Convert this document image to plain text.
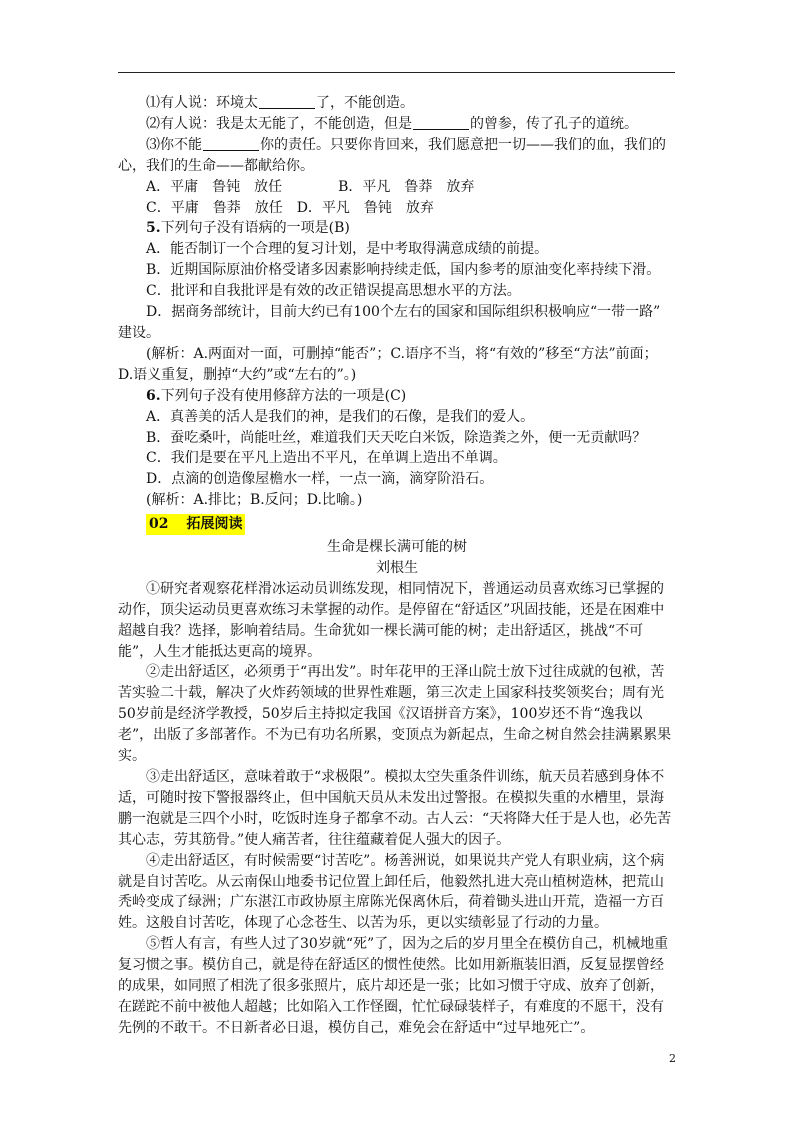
⑴有人说：环境太	了，不能创造。

⑵有人说：我是太无能了，不能创造，但是	的曾参，传了孔子的道统。

⑶你不能	你的责任。只要你肯回来，我们愿意把一切——我们的血，我们的

心，我们的生命——都献给你。

A．平庸　鲁钝　放任　　　　B．平凡　鲁莽　放弃

C．平庸　鲁莽　放任　D．平凡　鲁钝　放弃

5.下列句子没有语病的一项是(B)

A．能否制订一个合理的复习计划，是中考取得满意成绩的前提。

B．近期国际原油价格受诸多因素影响持续走低，国内参考的原油变化率持续下滑。

C．批评和自我批评是有效的改正错误提高思想水平的方法。

D．据商务部统计，目前大约已有100个左右的国家和国际组织积极响应“一带一路”

建设。

(解析：A.两面对一面，可删掉“能否”；C.语序不当，将“有效的”移至“方法”前面；

D.语义重复，删掉“大约”或“左右的”。)

6.下列句子没有使用修辞方法的一项是(C)

A．真善美的活人是我们的神，是我们的石像，是我们的爱人。

B．蚕吃桑叶，尚能吐丝，难道我们天天吃白米饭，除造粪之外，便一无贡献吗？

C．我们是要在平凡上造出不平凡，在单调上造出不单调。

D．点滴的创造像屋檐水一样，一点一滴，滴穿阶沿石。

(解析：A.排比；B.反问；D.比喻。)

02 拓展阅读

生命是棵长满可能的树

刘根生

①研究者观察花样滑冰运动员训练发现，相同情况下，普通运动员喜欢练习已掌握的动作，顶尖运动员更喜欢练习未掌握的动作。是停留在“舒适区”巩固技能，还是在困难中超越自我？选择，影响着结局。生命犹如一棵长满可能的树；走出舒适区，挑战“不可能”，人生才能抵达更高的境界。

②走出舒适区，必须勇于“再出发”。时年花甲的王泽山院士放下过往成就的包袱，苦苦实验二十载，解决了火炸药领域的世界性难题，第三次走上国家科技奖领奖台；周有光50岁前是经济学教授，50岁后主持拟定我国《汉语拼音方案》，100岁还不肯“逸我以老”，出版了多部著作。不为已有功名所累，变顶点为新起点，生命之树自然会挂满累累果实。

③走出舒适区，意味着敢于“求极限”。模拟太空失重条件训练，航天员若感到身体不适，可随时按下警报器终止，但中国航天员从未发出过警报。在模拟失重的水槽里，景海鹏一泡就是三四个小时，吃饭时连身子都拿不动。古人云：“天将降大任于是人也，必先苦其心志，劳其筋骨。”使人痛苦者，往往蕴藏着促人强大的因子。

④走出舒适区，有时候需要“讨苦吃”。杨善洲说，如果说共产党人有职业病，这个病就是自讨苦吃。从云南保山地委书记位置上卸任后，他毅然扎进大亮山植树造林，把荒山秃岭变成了绿洲；广东湛江市政协原主席陈光保离休后，荷着锄头进山开荒，造福一方百姓。这般自讨苦吃，体现了心念苍生、以苦为乐，更以实绩彰显了行动的力量。

⑤哲人有言，有些人过了30岁就“死”了，因为之后的岁月里全在模仿自己，机械地重复习惯之事。模仿自己，就是待在舒适区的惯性使然。比如用新瓶装旧酒，反复显摆曾经的成果，如同照了相洗了很多张照片，底片却还是一张；比如习惯于守成、放弃了创新，在蹉跎不前中被他人超越；比如陷入工作怪圈，忙忙碌碌装样子，有难度的不愿干，没有先例的不敢干。不日新者必日退，模仿自己，难免会在舒适中“过早地死亡”。

2
